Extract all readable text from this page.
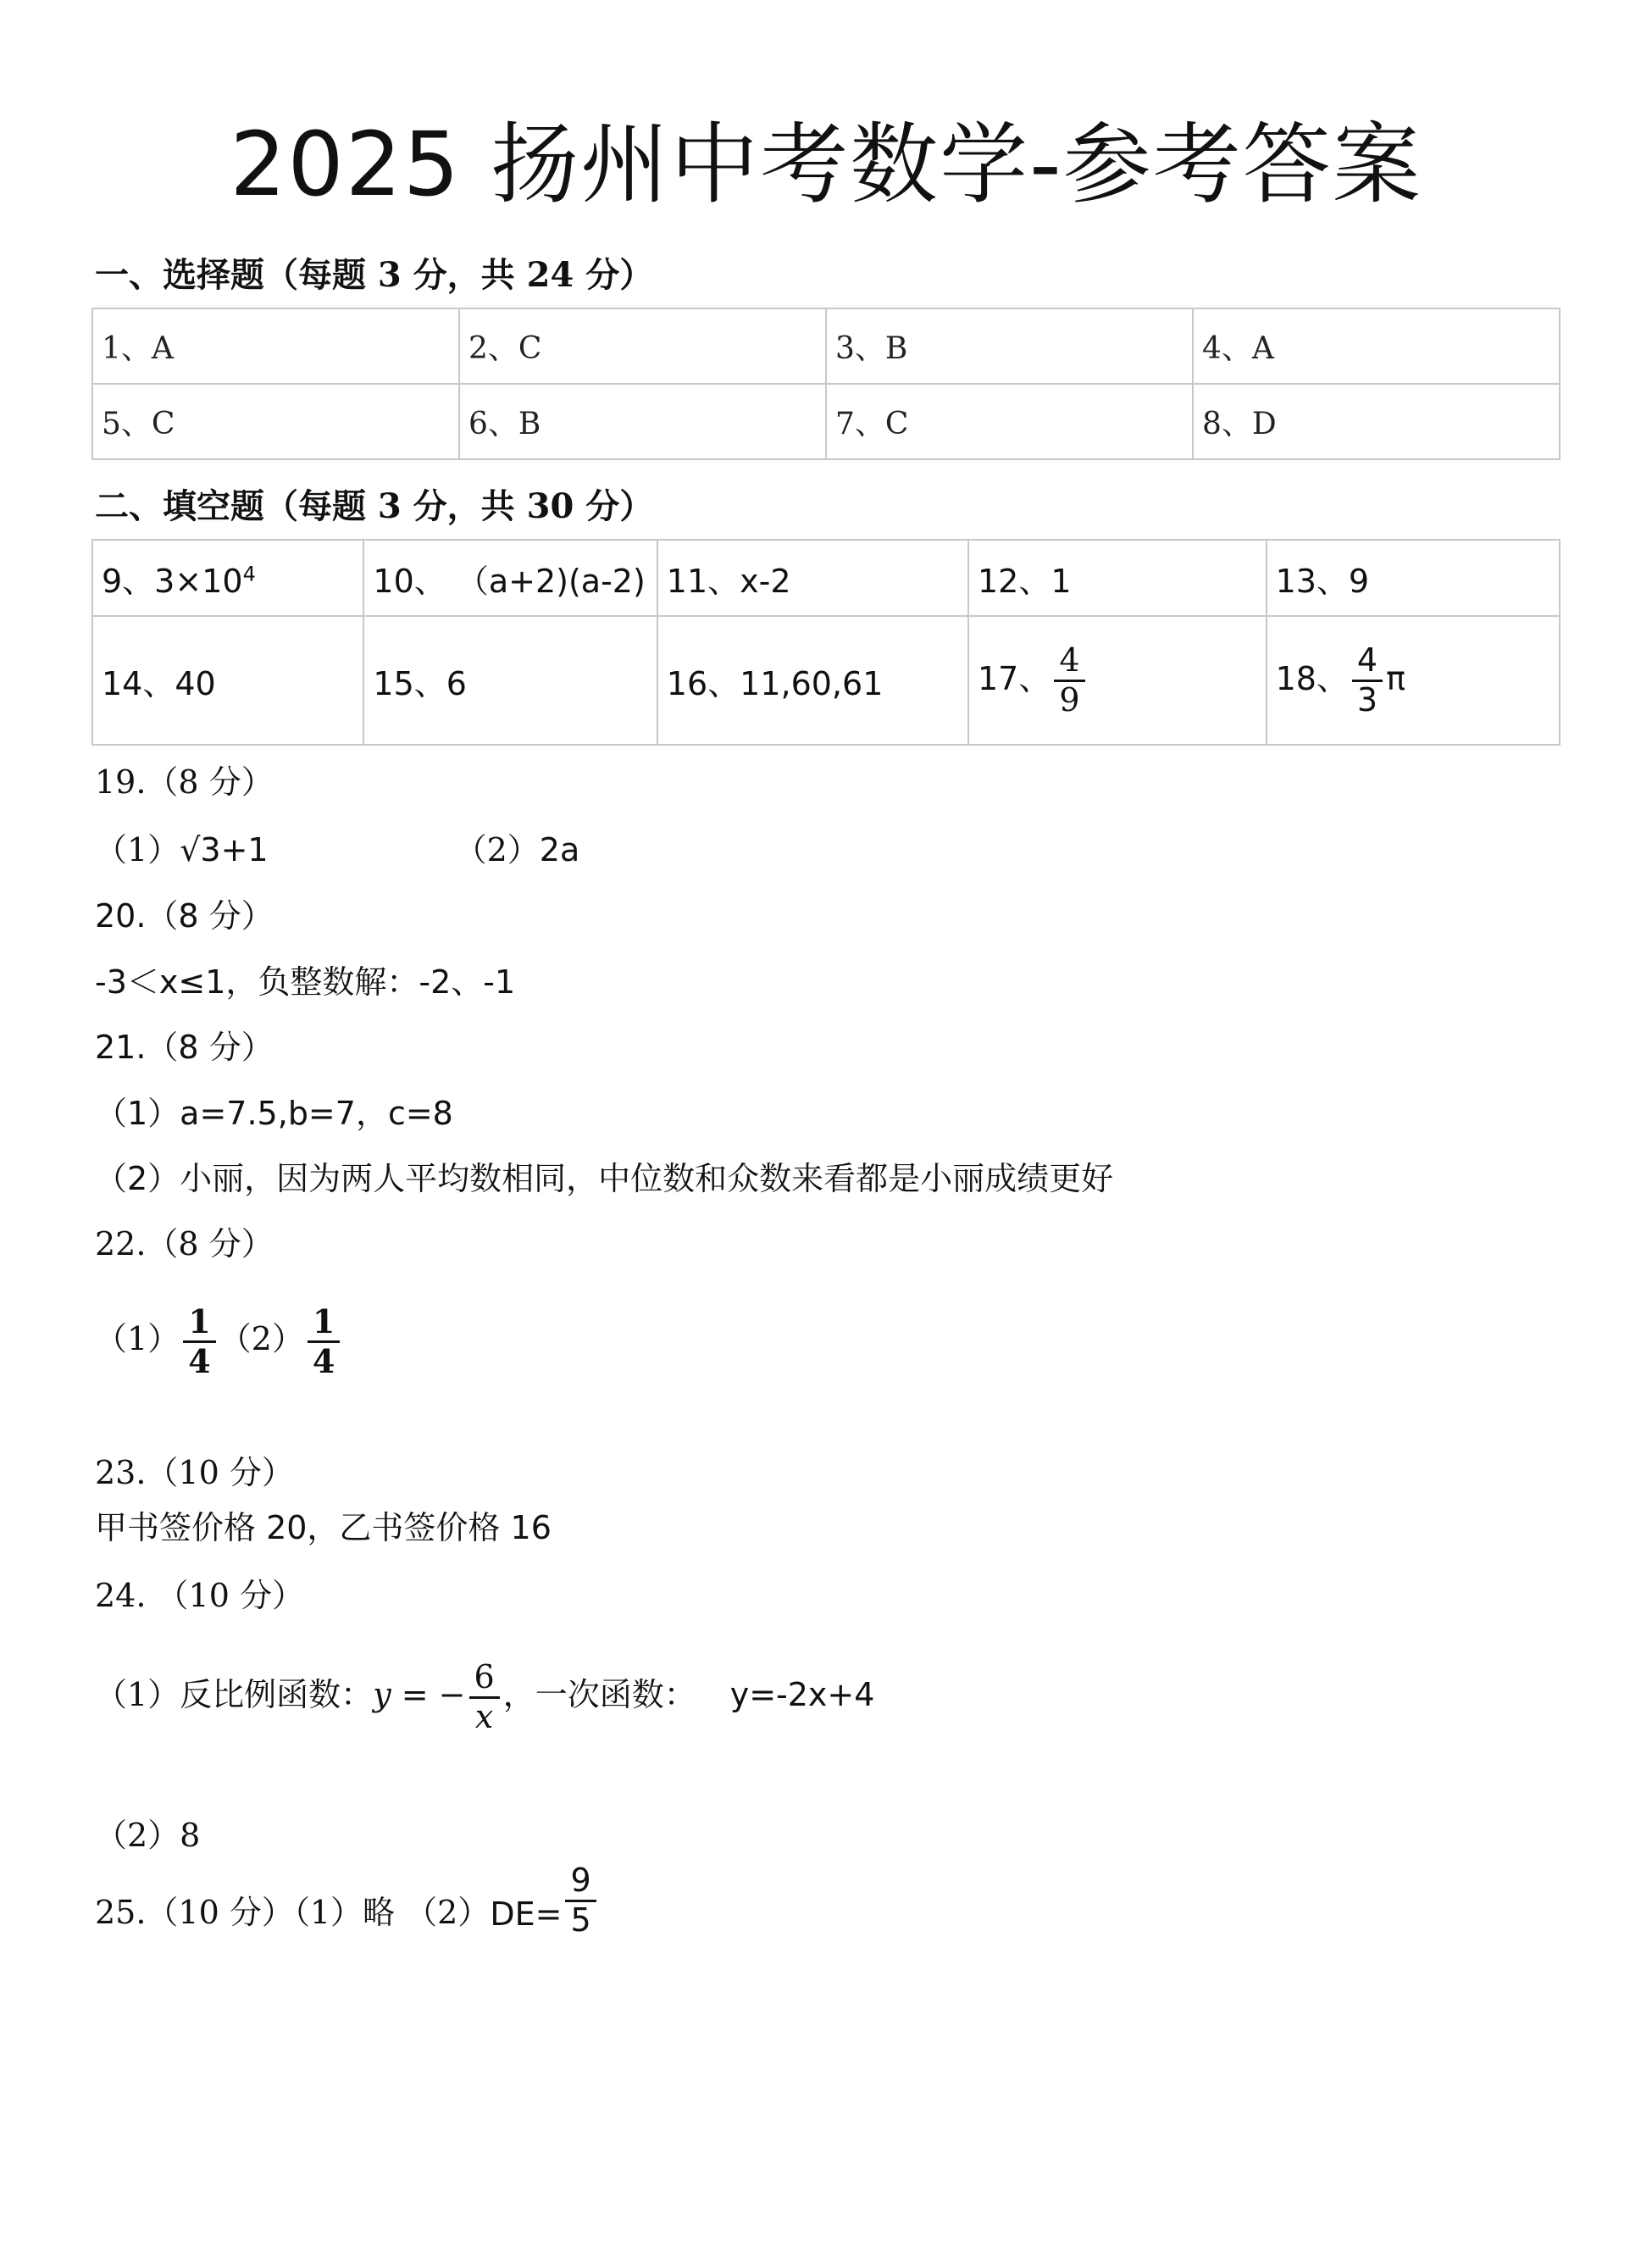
2025 扬州中考数学-参考答案
一、选择题（每题 3 分，共 24 分）
1、A	2、C	3、B	4、A
5、C	6、B	7、C	8、D
二、填空题（每题 3 分，共 30 分）
9、$3\times 10^4$	10、 （a+2)(a-2)	11、x-2	12、1	13、9
14、40	15、6	16、11,60,61	17、 $\frac{4}{9}$	18、 $\frac{4}{3}$ π
19.（8 分）
（1）√3+1	（2）2a
20.（8 分）
-3＜x≤1，负整数解：-2、-1
21.（8 分）
（1）a=7.5,b=7，c=8
（2）小丽，因为两人平均数相同，中位数和众数来看都是小丽成绩更好
22.（8 分）
$(1) \frac{1}{4} (2) \frac{1}{4}$
23.（10 分）
甲书签价格 20，乙书签价格 16
24. （10 分）
（1）反比例函数：y = − $\frac{6}{x}$ ，一次函数： y=-2x+4
（2）8
25.（10 分）（1）略 $(2)DE= \frac{9}{5}$
